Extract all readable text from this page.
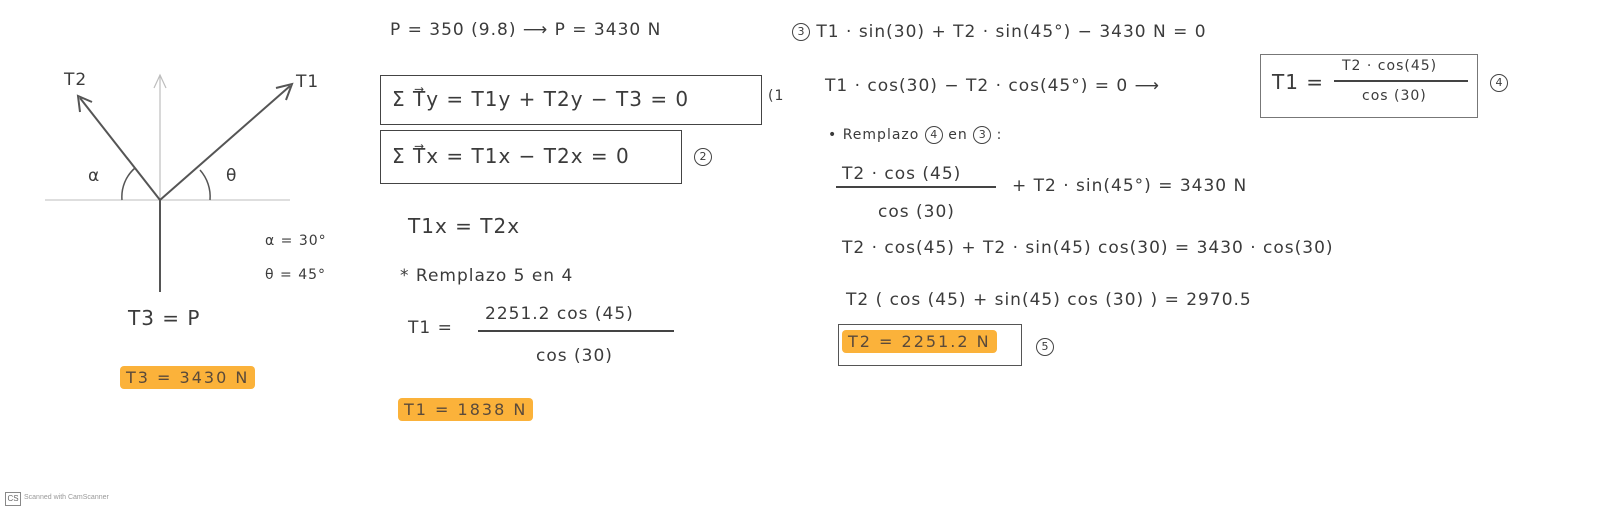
T2	T1
α	θ
T3 = P
α = 30°
θ = 45°
T3 = 3430 N
P = 350 (9.8) ⟶ P = 3430 N
Σ T⃗y = T1y + T2y − T3 = 0	(1
Σ T⃗x = T1x − T2x = 0	2
T1x = T2x
* Remplazo 5 en 4
T1 =
2251.2 cos (45)
cos (30)
T1 = 1838 N
3 T1 · sin(30) + T2 · sin(45°) − 3430 N = 0
T1 · cos(30) − T2 · cos(45°) = 0 ⟶	T1 =
T2 · cos(45)
cos (30)
4
• Remplazo 4 en 3 :
T2 · cos (45)
cos (30)
+ T2 · sin(45°) = 3430 N
T2 · cos(45) + T2 · sin(45) cos(30) = 3430 · cos(30)
T2 ( cos (45) + sin(45) cos (30) ) = 2970.5
T2 = 2251.2 N	5
CS Scanned with CamScanner
